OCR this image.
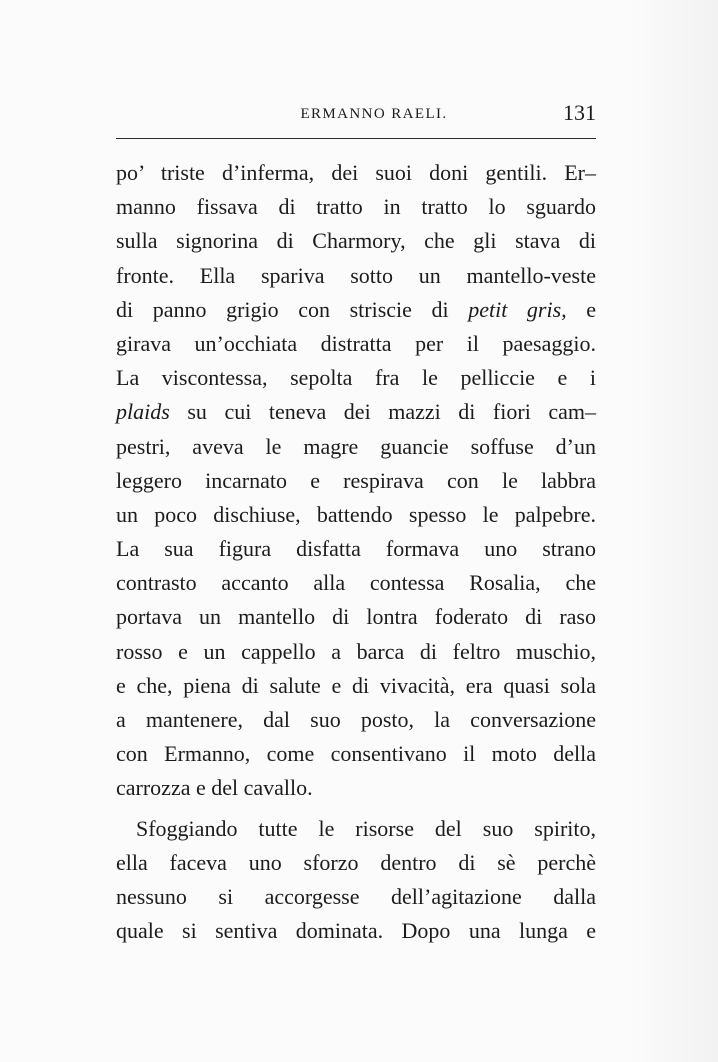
ERMANNO RAELI.	131
po’ triste d’inferma, dei suoi doni gentili. Er–
manno fissava di tratto in tratto lo sguardo
sulla signorina di Charmory, che gli stava di
fronte. Ella spariva sotto un mantello-veste
di panno grigio con striscie di petit gris, e
girava un’occhiata distratta per il paesaggio.
La viscontessa, sepolta fra le pelliccie e i
plaids su cui teneva dei mazzi di fiori cam–
pestri, aveva le magre guancie soffuse d’un
leggero incarnato e respirava con le labbra
un poco dischiuse, battendo spesso le palpebre.
La sua figura disfatta formava uno strano
contrasto accanto alla contessa Rosalia, che
portava un mantello di lontra foderato di raso
rosso e un cappello a barca di feltro muschio,
e che, piena di salute e di vivacità, era quasi sola
a mantenere, dal suo posto, la conversazione
con Ermanno, come consentivano il moto della
carrozza e del cavallo.
Sfoggiando tutte le risorse del suo spirito,
ella faceva uno sforzo dentro di sè perchè
nessuno si accorgesse dell’agitazione dalla
quale si sentiva dominata. Dopo una lunga e
